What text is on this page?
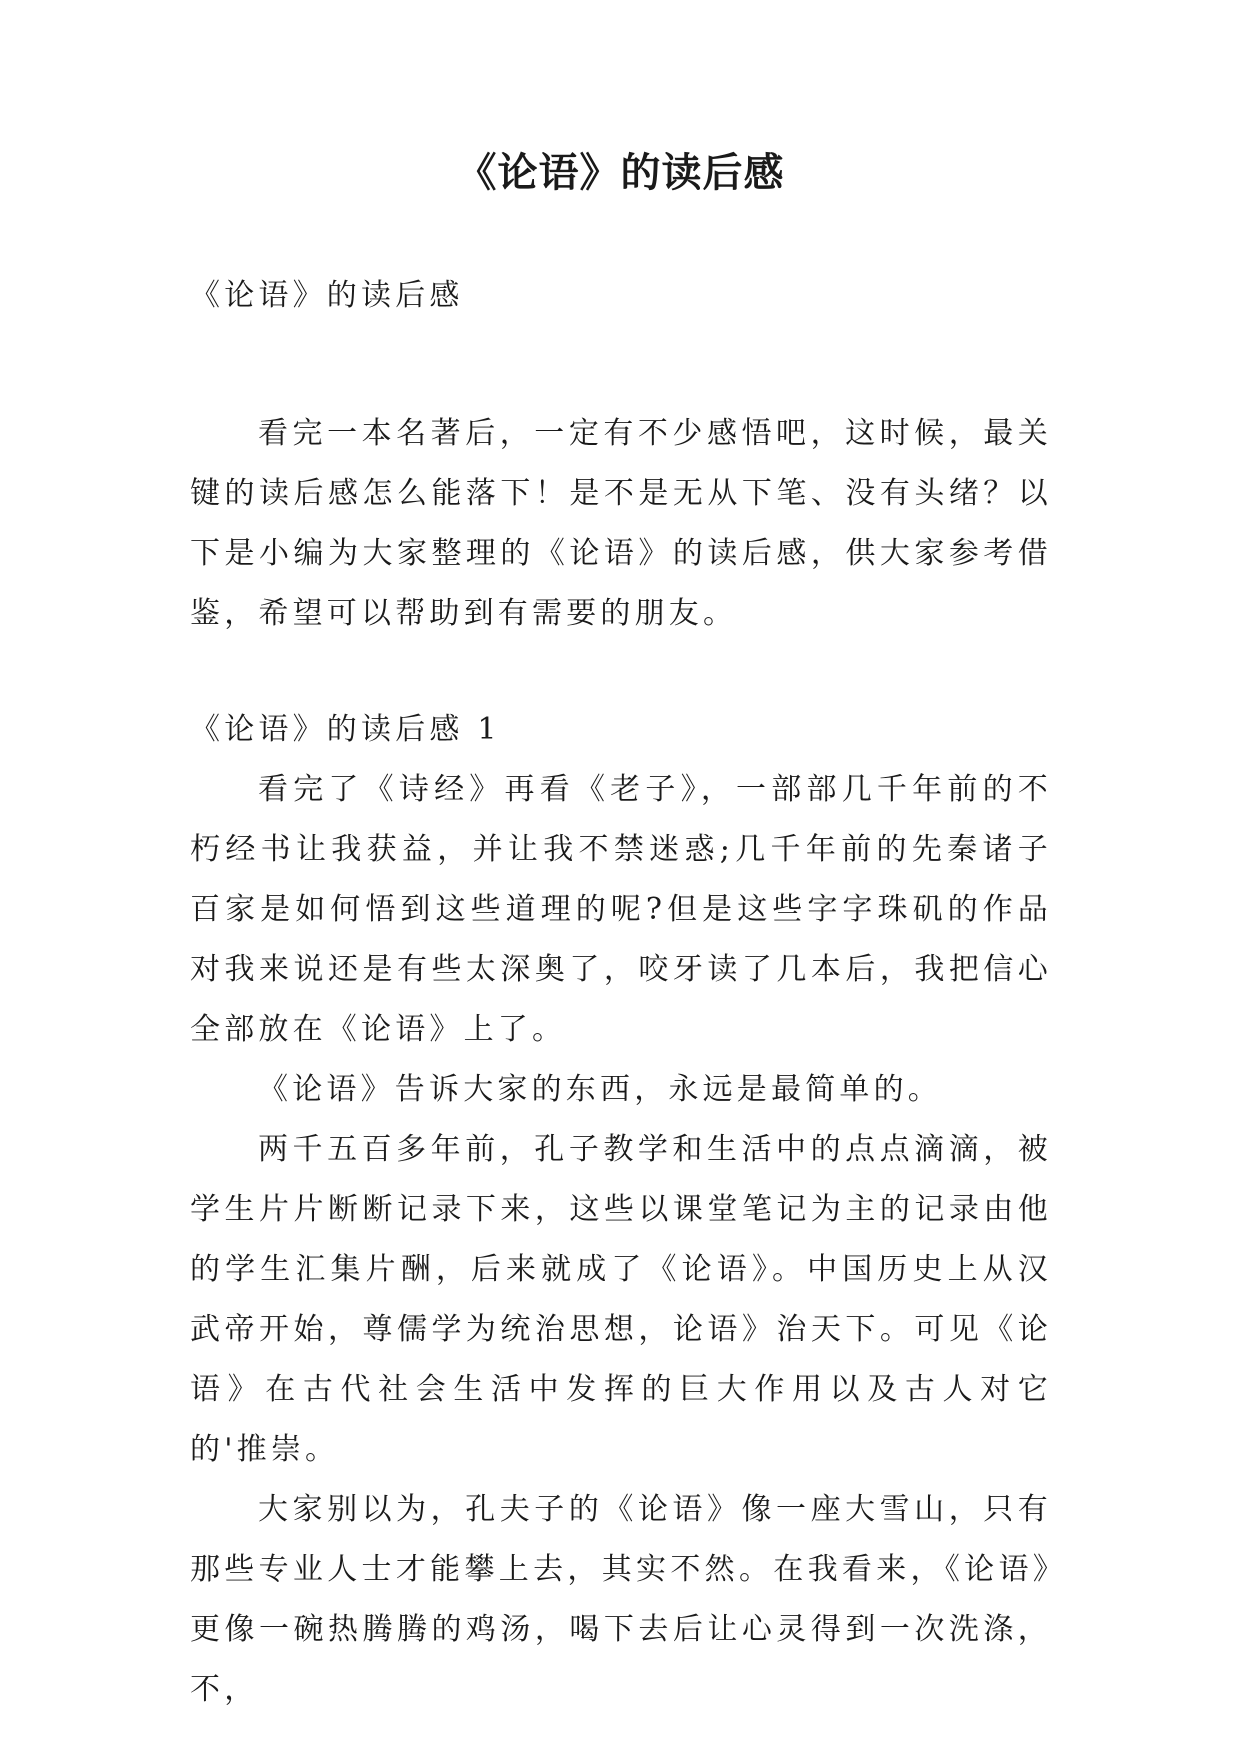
《论语》的读后感

《论语》的读后感

看完一本名著后，一定有不少感悟吧，这时候，最关键的读后感怎么能落下！是不是无从下笔、没有头绪？以下是小编为大家整理的《论语》的读后感，供大家参考借鉴，希望可以帮助到有需要的朋友。

《论语》的读后感 1

看完了《诗经》再看《老子》，一部部几千年前的不朽经书让我获益，并让我不禁迷惑;几千年前的先秦诸子百家是如何悟到这些道理的呢?但是这些字字珠矶的作品对我来说还是有些太深奥了，咬牙读了几本后，我把信心全部放在《论语》上了。

《论语》告诉大家的东西，永远是最简单的。

两千五百多年前，孔子教学和生活中的点点滴滴，被学生片片断断记录下来，这些以课堂笔记为主的记录由他的学生汇集片酬，后来就成了《论语》。中国历史上从汉武帝开始，尊儒学为统治思想，论语》治天下。可见《论语》在古代社会生活中发挥的巨大作用以及古人对它的'推崇。

大家别以为，孔夫子的《论语》像一座大雪山，只有那些专业人士才能攀上去，其实不然。在我看来，《论语》更像一碗热腾腾的鸡汤，喝下去后让心灵得到一次洗涤，不，
